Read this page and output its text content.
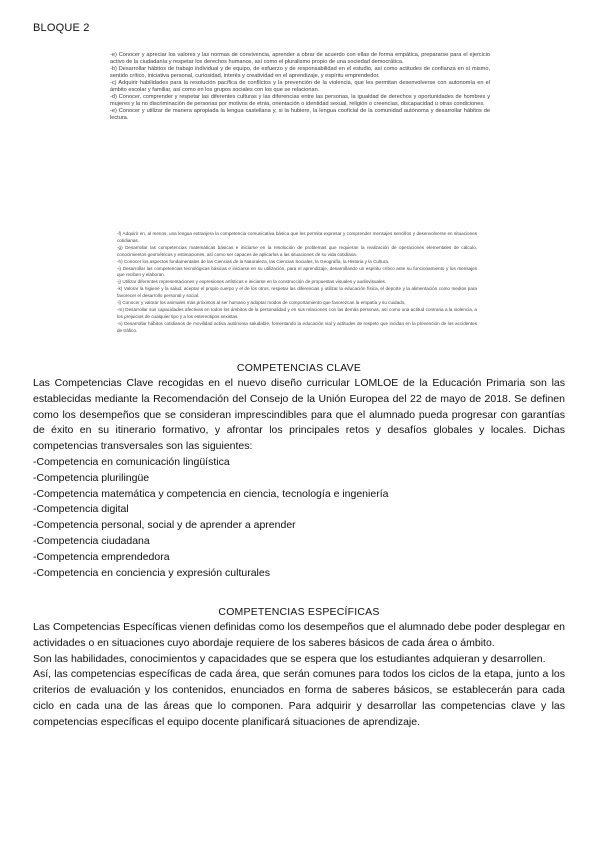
BLOQUE 2

-e) Conocer y apreciar los valores y las normas de convivencia, aprender a obrar de acuerdo con ellas de forma empática, prepararse para el ejercicio activo de la ciudadanía y respetar los derechos humanos, así como el pluralismo propio de una sociedad democrática.

-b) Desarrollar hábitos de trabajo individual y de equipo, de esfuerzo y de responsabilidad en el estudio, así como actitudes de confianza en sí mismo, sentido crítico, iniciativa personal, curiosidad, interés y creatividad en el aprendizaje, y espíritu emprendedor.

-c) Adquirir habilidades para la resolución pacífica de conflictos y la prevención de la violencia, que les permitan desenvolverse con autonomía en el ámbito escolar y familiar, así como en los grupos sociales con los que se relacionan.

-d) Conocer, comprender y respetar las diferentes culturas y las diferencias entre las personas, la igualdad de derechos y oportunidades de hombres y mujeres y la no discriminación de personas por motivos de etnia, orientación o identidad sexual, religión o creencias, discapacidad u otras condiciones.

-e) Conocer y utilizar de manera apropiada la lengua castellana y, si la hubiere, la lengua cooficial de la comunidad autónoma y desarrollar hábitos de lectura.

-f) Adquirir en, al menos, una lengua extranjera la competencia comunicativa básica que les permita expresar y comprender mensajes sencillos y desenvolverse en situaciones cotidianas.

-g) Desarrollar las competencias matemáticas básicas e iniciarse en la resolución de problemas que requieran la realización de operaciones elementales de cálculo, conocimientos geométricos y estimaciones, así como ser capaces de aplicarlos a las situaciones de su vida cotidiana.

-h) Conocer los aspectos fundamentales de las Ciencias de la Naturaleza, las Ciencias Sociales, la Geografía, la Historia y la Cultura.

-i) Desarrollar las competencias tecnológicas básicas e iniciarse en su utilización, para el aprendizaje, desarrollando un espíritu crítico ante su funcionamiento y los mensajes que reciben y elaboran.

-j) Utilizar diferentes representaciones y expresiones artísticas e iniciarse en la construcción de propuestas visuales y audiovisuales.

-k) Valorar la higiene y la salud, aceptar el propio cuerpo y el de los otros, respetar las diferencias y utilizar la educación física, el deporte y la alimentación como medios para favorecer el desarrollo personal y social.

-l) Conocer y valorar los animales más próximos al ser humano y adoptar modos de comportamiento que favorezcan la empatía y su cuidado.

-m) Desarrollar sus capacidades afectivas en todos los ámbitos de la personalidad y en sus relaciones con las demás personas, así como una actitud contraria a la violencia, a los prejuicios de cualquier tipo y a los estereotipos sexistas.

-n) Desarrollar hábitos cotidianos de movilidad activa autónoma saludable, fomentando la educación vial y actitudes de respeto que incidan en la prevención de los accidentes de tráfico.

COMPETENCIAS CLAVE

Las Competencias Clave recogidas en el nuevo diseño curricular LOMLOE de la Educación Primaria son las establecidas mediante la Recomendación del Consejo de la Unión Europea del 22 de mayo de 2018. Se definen como los desempeños que se consideran imprescindibles para que el alumnado pueda progresar con garantías de éxito en su itinerario formativo, y afrontar los principales retos y desafíos globales y locales. Dichas competencias transversales son las siguientes:

-Competencia en comunicación lingüística
-Competencia plurilingüe
-Competencia matemática y competencia en ciencia, tecnología e ingeniería
-Competencia digital
-Competencia personal, social y de aprender a aprender
-Competencia ciudadana
-Competencia emprendedora
-Competencia en conciencia y expresión culturales
COMPETENCIAS ESPECÍFICAS

Las Competencias Específicas vienen definidas como los desempeños que el alumnado debe poder desplegar en actividades o en situaciones cuyo abordaje requiere de los saberes básicos de cada área o ámbito.

Son las habilidades, conocimientos y capacidades que se espera que los estudiantes adquieran y desarrollen.

Así, las competencias específicas de cada área, que serán comunes para todos los ciclos de la etapa, junto a los criterios de evaluación y los contenidos, enunciados en forma de saberes básicos, se establecerán para cada ciclo en cada una de las áreas que lo componen. Para adquirir y desarrollar las competencias clave y las competencias específicas el equipo docente planificará situaciones de aprendizaje.
